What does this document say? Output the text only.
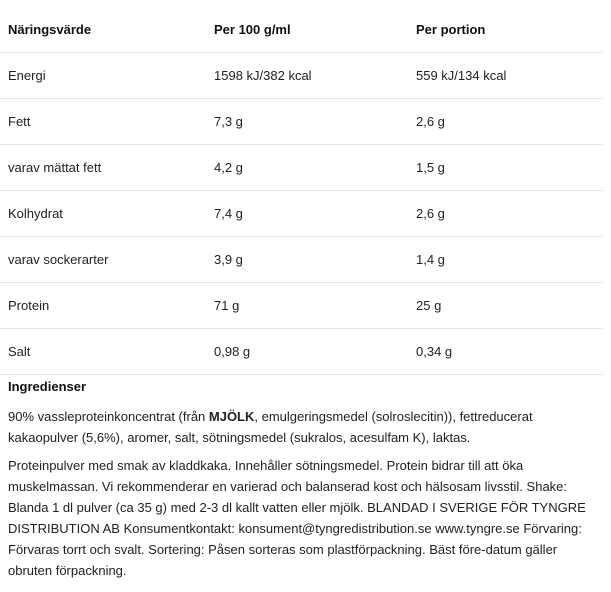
Näringsvärde	Per 100 g/ml	Per portion
Energi	1598 kJ/382 kcal	559 kJ/134 kcal
Fett	7,3 g	2,6 g
varav mättat fett	4,2 g	1,5 g
Kolhydrat	7,4 g	2,6 g
varav sockerarter	3,9 g	1,4 g
Protein	71 g	25 g
Salt	0,98 g	0,34 g
Ingredienser

90% vassleproteinkoncentrat (från MJÖLK, emulgeringsmedel (solroslecitin)), fettreducerat kakaopulver (5,6%), aromer, salt, sötningsmedel (sukralos, acesulfam K), laktas.

Proteinpulver med smak av kladdkaka. Innehåller sötningsmedel. Protein bidrar till att öka muskelmassan. Vi rekommenderar en varierad och balanserad kost och hälsosam livsstil. Shake: Blanda 1 dl pulver (ca 35 g) med 2-3 dl kallt vatten eller mjölk. BLANDAD I SVERIGE FÖR TYNGRE DISTRIBUTION AB Konsumentkontakt: konsument@tyngredistribution.se www.tyngre.se Förvaring: Förvaras torrt och svalt. Sortering: Påsen sorteras som plastförpackning. Bäst före-datum gäller obruten förpackning.
